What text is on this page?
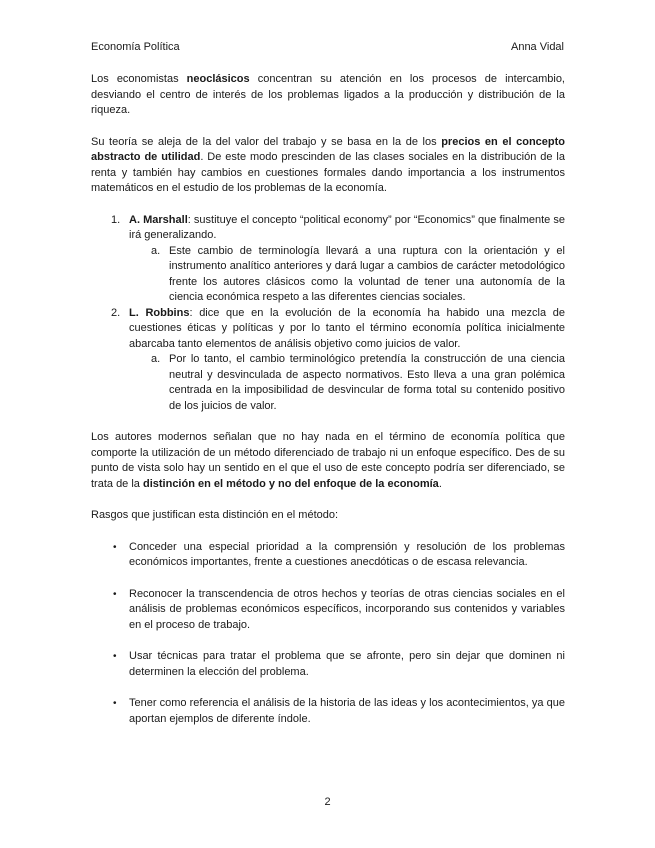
Economía Política	Anna Vidal

Los economistas neoclásicos concentran su atención en los procesos de intercambio, desviando el centro de interés de los problemas ligados a la producción y distribución de la riqueza.

Su teoría se aleja de la del valor del trabajo y se basa en la de los precios en el concepto abstracto de utilidad. De este modo prescinden de las clases sociales en la distribución de la renta y también hay cambios en cuestiones formales dando importancia a los instrumentos matemáticos en el estudio de los problemas de la economía.

1. A. Marshall: sustituye el concepto “political economy” por “Economics” que finalmente se irá generalizando.
a. Este cambio de terminología llevará a una ruptura con la orientación y el instrumento analítico anteriores y dará lugar a cambios de carácter metodológico frente los autores clásicos como la voluntad de tener una autonomía de la ciencia económica respeto a las diferentes ciencias sociales.
2. L. Robbins: dice que en la evolución de la economía ha habido una mezcla de cuestiones éticas y políticas y por lo tanto el término economía política inicialmente abarcaba tanto elementos de análisis objetivo como juicios de valor.
a. Por lo tanto, el cambio terminológico pretendía la construcción de una ciencia neutral y desvinculada de aspecto normativos. Esto lleva a una gran polémica centrada en la imposibilidad de desvincular de forma total su contenido positivo de los juicios de valor.

Los autores modernos señalan que no hay nada en el término de economía política que comporte la utilización de un método diferenciado de trabajo ni un enfoque específico. Des de su punto de vista solo hay un sentido en el que el uso de este concepto podría ser diferenciado, se trata de la distinción en el método y no del enfoque de la economía.

Rasgos que justifican esta distinción en el método:

• Conceder una especial prioridad a la comprensión y resolución de los problemas económicos importantes, frente a cuestiones anecdóticas o de escasa relevancia.
• Reconocer la transcendencia de otros hechos y teorías de otras ciencias sociales en el análisis de problemas económicos específicos, incorporando sus contenidos y variables en el proceso de trabajo.
• Usar técnicas para tratar el problema que se afronte, pero sin dejar que dominen ni determinen la elección del problema.
• Tener como referencia el análisis de la historia de las ideas y los acontecimientos, ya que aportan ejemplos de diferente índole.
2
